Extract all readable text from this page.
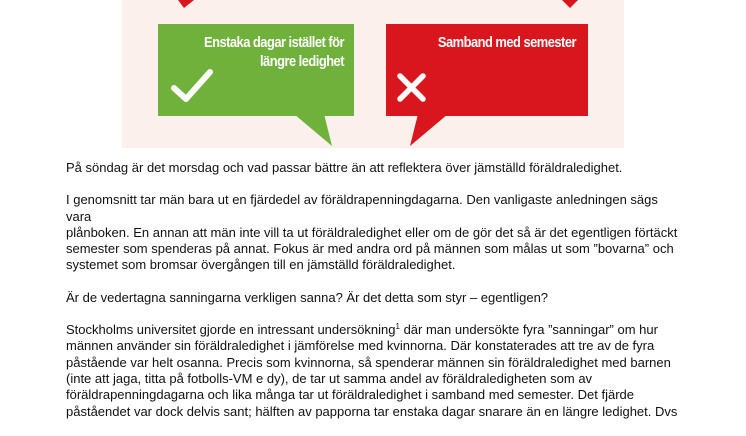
Enstaka dagar istället för
längre ledighet
Samband med semester

På söndag är det morsdag och vad passar bättre än att reflektera över jämställd föräldraledighet.

I genomsnitt tar män bara ut en fjärdedel av föräldrapenningdagarna. Den vanligaste anledningen sägs vara
plånboken. En annan att män inte vill ta ut föräldraledighet eller om de gör det så är det egentligen förtäckt
semester som spenderas på annat. Fokus är med andra ord på männen som målas ut som ”bovarna” och
systemet som bromsar övergången till en jämställd föräldraledighet.

Är de vedertagna sanningarna verkligen sanna? Är det detta som styr – egentligen?

Stockholms universitet gjorde en intressant undersökning$^1$ där man undersökte fyra ”sanningar” om hur
männen använder sin föräldraledighet i jämförelse med kvinnorna. Där konstaterades att tre av de fyra
påstående var helt osanna. Precis som kvinnorna, så spenderar männen sin föräldraledighet med barnen
(inte att jaga, titta på fotbolls-VM e dy), de tar ut samma andel av föräldraledigheten som av
föräldrapenningdagarna och lika många tar ut föräldraledighet i samband med semester. Det fjärde
påståendet var dock delvis sant; hälften av papporna tar enstaka dagar snarare än en längre ledighet. Dvs
